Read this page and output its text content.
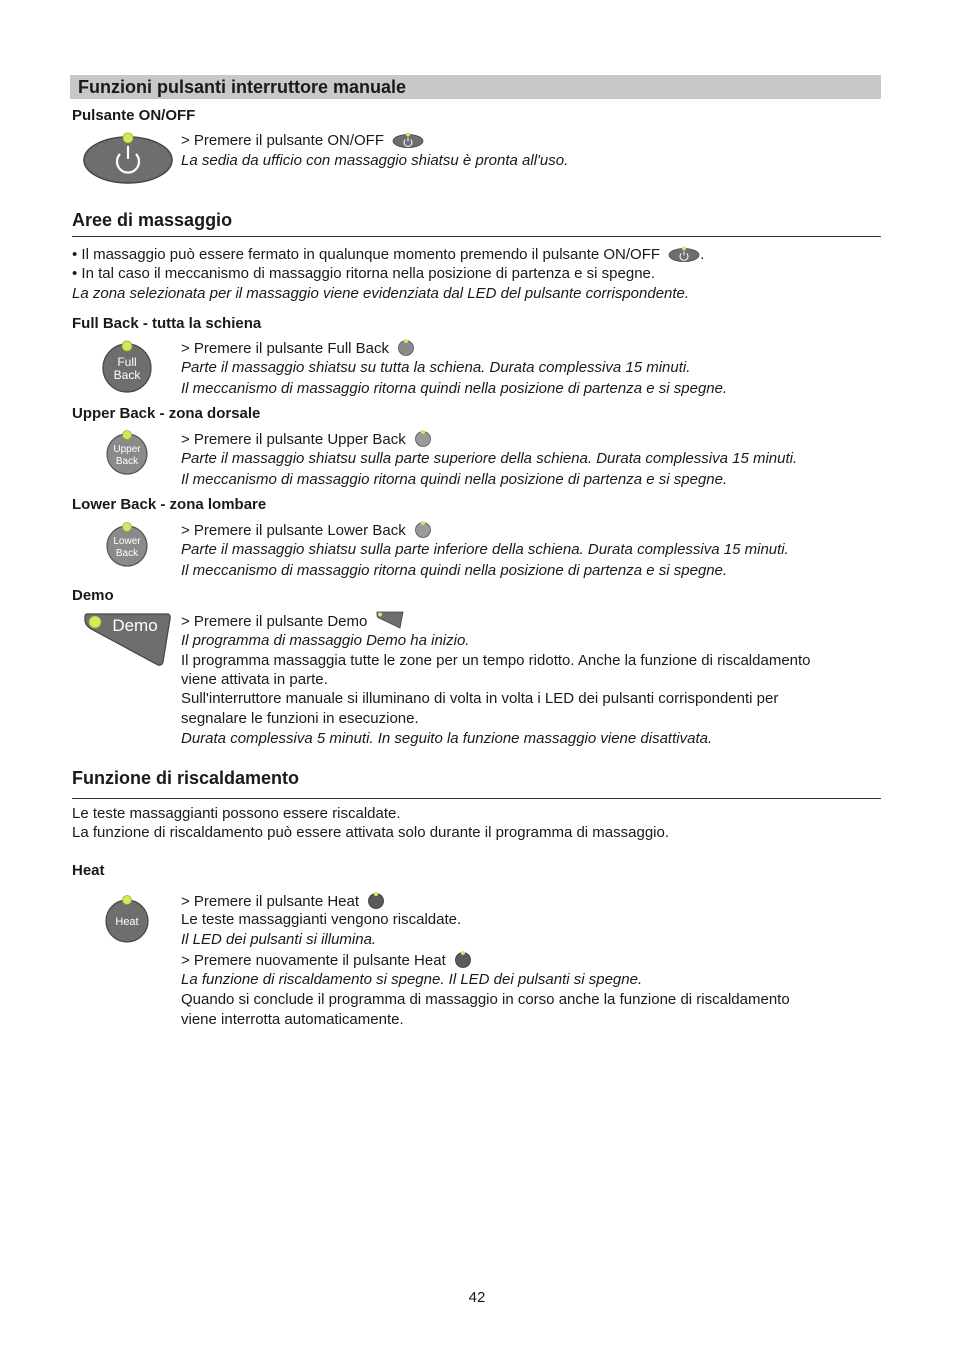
Funzioni pulsanti interruttore manuale
Pulsante ON/OFF
> Premere il pulsante ON/OFF
La sedia da ufficio con massaggio shiatsu è pronta all'uso.
Aree di massaggio
• Il massaggio può essere fermato in qualunque momento premendo il pulsante ON/OFF	.
• In tal caso il meccanismo di massaggio ritorna nella posizione di partenza e si spegne.
La zona selezionata per il massaggio viene evidenziata dal LED del pulsante corrispondente.
Full Back - tutta la schiena
Full
Back
> Premere il pulsante Full Back
Parte il massaggio shiatsu su tutta la schiena. Durata complessiva 15 minuti.
Il meccanismo di massaggio ritorna quindi nella posizione di partenza e si spegne.
Upper Back - zona dorsale
Upper
Back
> Premere il pulsante Upper Back
Parte il massaggio shiatsu sulla parte superiore della schiena. Durata complessiva 15 minuti.
Il meccanismo di massaggio ritorna quindi nella posizione di partenza e si spegne.
Lower Back - zona lombare
Lower
Back
> Premere il pulsante Lower Back
Parte il massaggio shiatsu sulla parte inferiore della schiena. Durata complessiva 15 minuti.
Il meccanismo di massaggio ritorna quindi nella posizione di partenza e si spegne.
Demo
Demo > Premere il pulsante Demo
Il programma di massaggio Demo ha inizio.
Il programma massaggia tutte le zone per un tempo ridotto. Anche la funzione di riscaldamento
viene attivata in parte.
Sull'interruttore manuale si illuminano di volta in volta i LED dei pulsanti corrispondenti per
segnalare le funzioni in esecuzione.
Durata complessiva 5 minuti. In seguito la funzione massaggio viene disattivata.
Funzione di riscaldamento
Le teste massaggianti possono essere riscaldate.
La funzione di riscaldamento può essere attivata solo durante il programma di massaggio.
Heat
Heat
> Premere il pulsante Heat
Le teste massaggianti vengono riscaldate.
Il LED dei pulsanti si illumina.
> Premere nuovamente il pulsante Heat
La funzione di riscaldamento si spegne. Il LED dei pulsanti si spegne.
Quando si conclude il programma di massaggio in corso anche la funzione di riscaldamento
viene interrotta automaticamente.
42
